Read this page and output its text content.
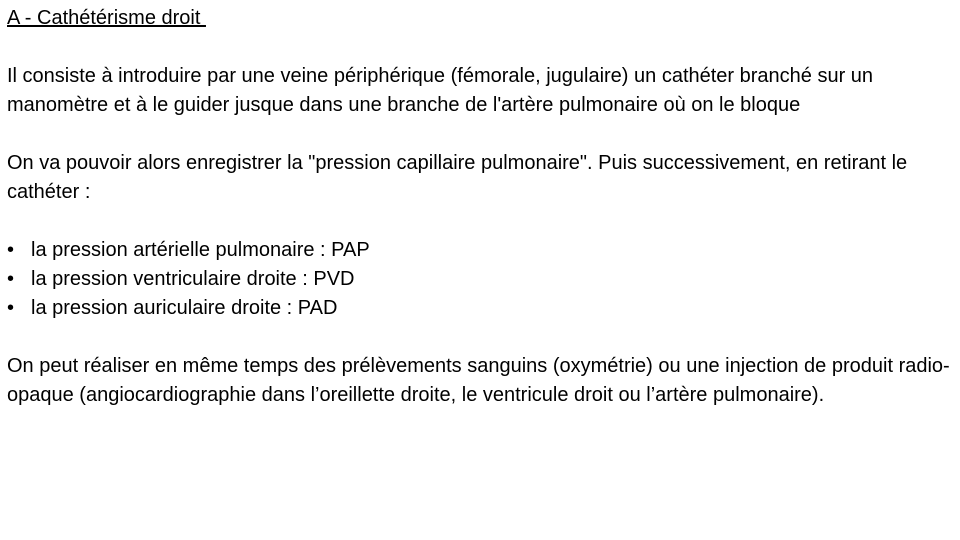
A - Cathétérisme droit

Il consiste à introduire par une veine périphérique (fémorale, jugulaire) un cathéter branché sur un manomètre et à le guider jusque dans une branche de l'artère pulmonaire où on le bloque

On va pouvoir alors enregistrer la "pression capillaire pulmonaire". Puis successivement, en retirant le cathéter :

• la pression artérielle pulmonaire : PAP
• la pression ventriculaire droite : PVD
• la pression auriculaire droite : PAD

On peut réaliser en même temps des prélèvements sanguins (oxymétrie) ou une injection de produit radio-opaque (angiocardiographie dans l’oreillette droite, le ventricule droit ou l’artère pulmonaire).
